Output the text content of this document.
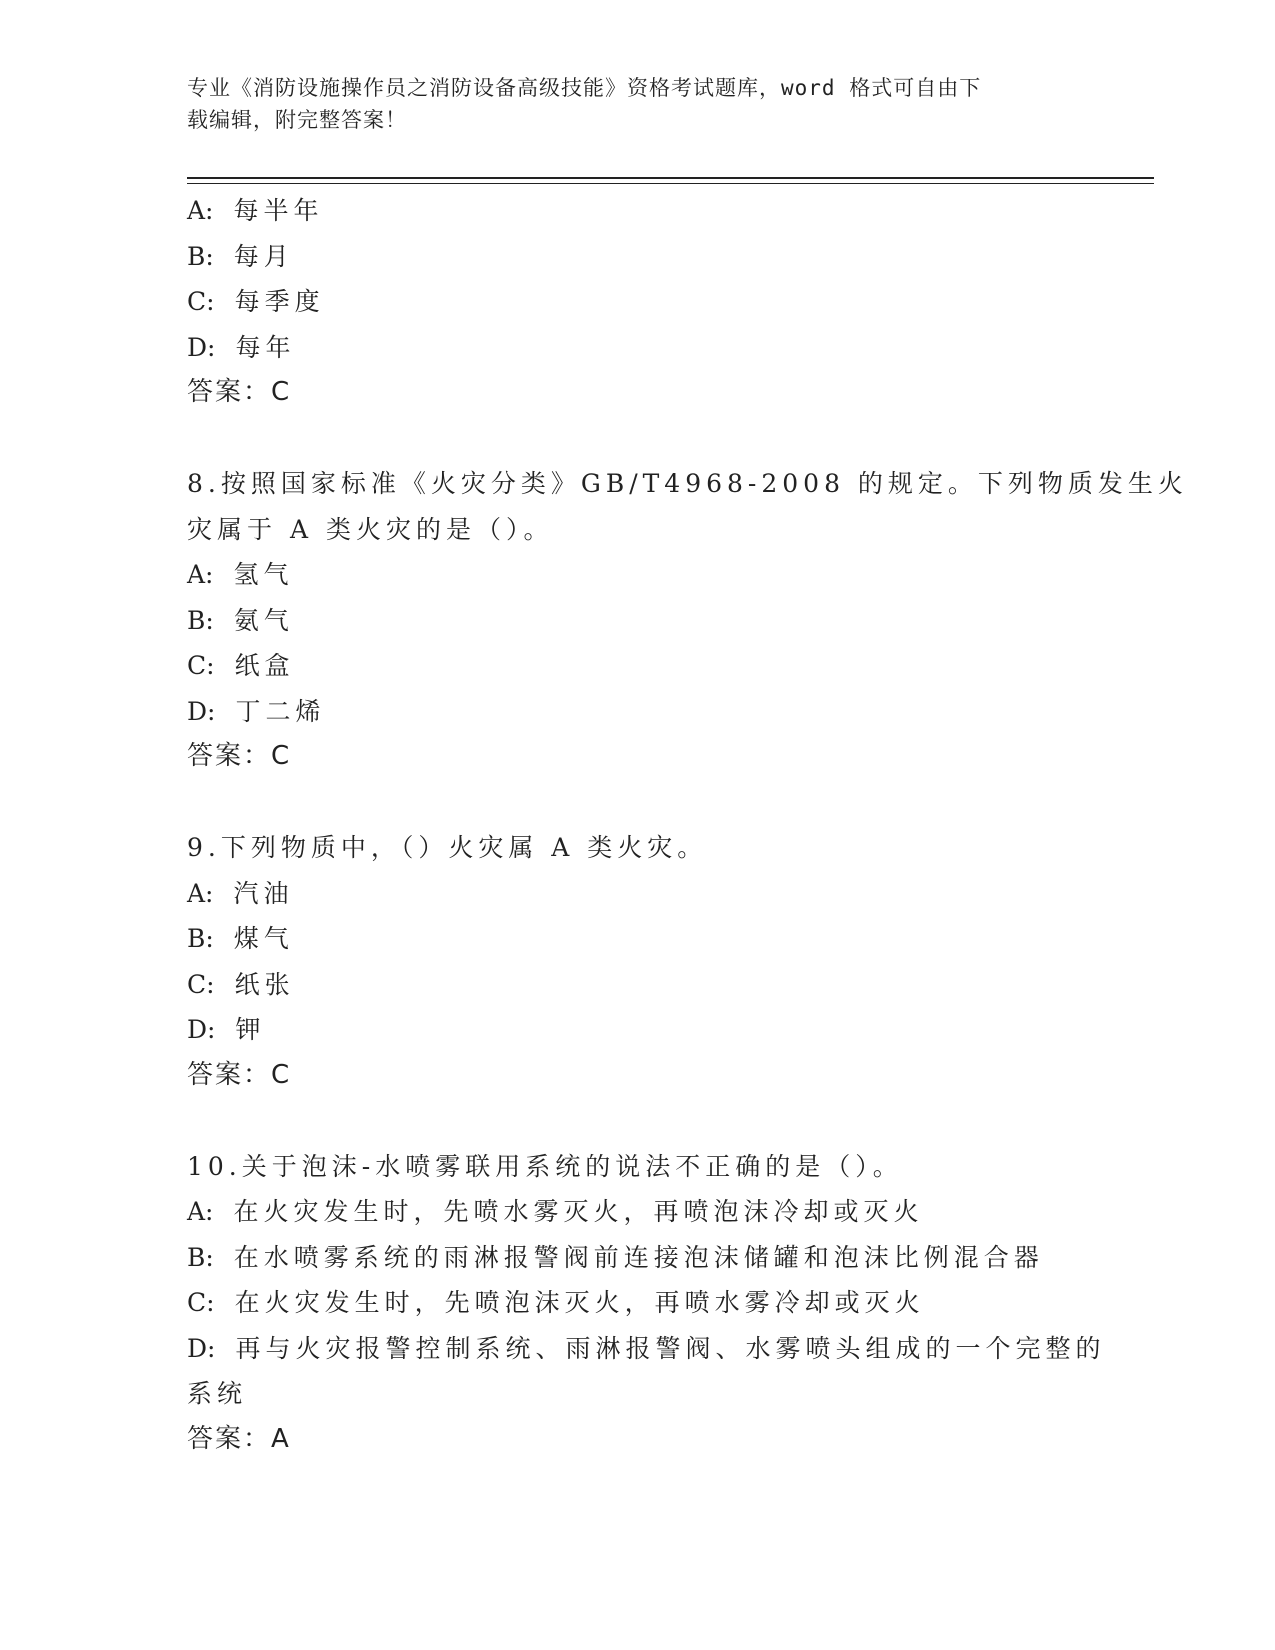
专业《消防设施操作员之消防设备高级技能》资格考试题库，word 格式可自由下
载编辑，附完整答案！
A: 每半年
B: 每月
C: 每季度
D: 每年
答案：C
8.按照国家标准《火灾分类》GB/T4968-2008 的规定。下列物质发生火
灾属于 A 类火灾的是（）。
A: 氢气
B: 氨气
C: 纸盒
D: 丁二烯
答案：C
9.下列物质中，（）火灾属 A 类火灾。
A: 汽油
B: 煤气
C: 纸张
D: 钾
答案：C
10.关于泡沫-水喷雾联用系统的说法不正确的是（）。
A: 在火灾发生时，先喷水雾灭火，再喷泡沫冷却或灭火
B: 在水喷雾系统的雨淋报警阀前连接泡沫储罐和泡沫比例混合器
C: 在火灾发生时，先喷泡沫灭火，再喷水雾冷却或灭火
D: 再与火灾报警控制系统、雨淋报警阀、水雾喷头组成的一个完整的
系统
答案：A
